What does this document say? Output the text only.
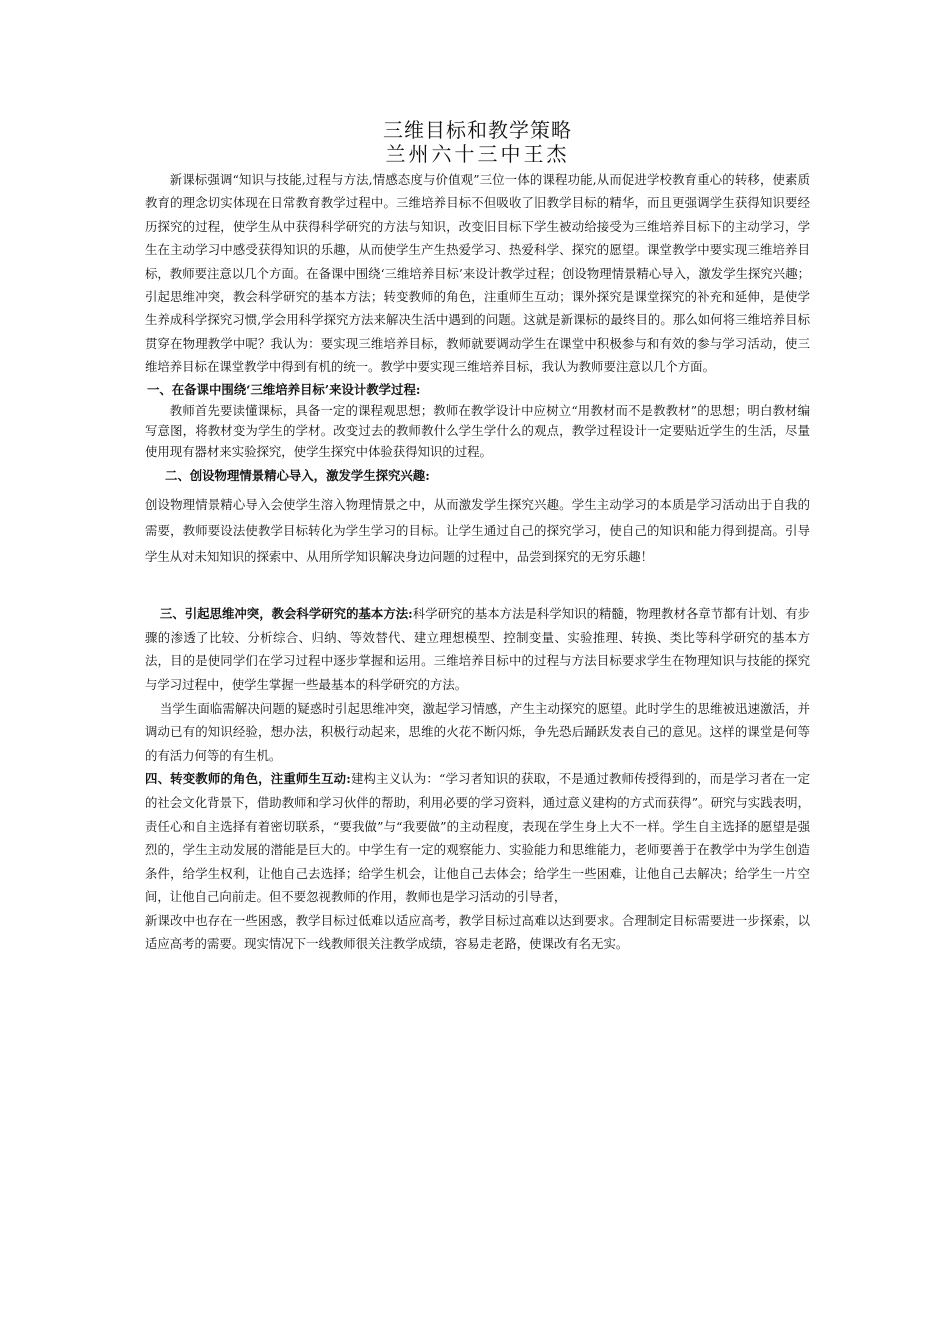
三维目标和教学策略
兰州六十三中王杰

新课标强调“知识与技能,过程与方法,情感态度与价值观”三位一体的课程功能,从而促进学校教育重心的转移，使素质教育的理念切实体现在日常教育教学过程中。三维培养目标不但吸收了旧教学目标的精华，而且更强调学生获得知识要经历探究的过程，使学生从中获得科学研究的方法与知识，改变旧目标下学生被动给接受为三维培养目标下的主动学习，学生在主动学习中感受获得知识的乐趣，从而使学生产生热爱学习、热爱科学、探究的愿望。课堂教学中要实现三维培养目标，教师要注意以几个方面。在备课中围绕‘三维培养目标’来设计教学过程；创设物理情景精心导入，激发学生探究兴趣；引起思维冲突，教会科学研究的基本方法；转变教师的角色，注重师生互动；课外探究是课堂探究的补充和延伸，是使学生养成科学探究习惯,学会用科学探究方法来解决生活中遇到的问题。这就是新课标的最终目的。那么如何将三维培养目标贯穿在物理教学中呢？我认为：要实现三维培养目标，教师就要调动学生在课堂中积极参与和有效的参与学习活动，使三维培养目标在课堂教学中得到有机的统一。教学中要实现三维培养目标，我认为教师要注意以几个方面。

一、在备课中围绕‘三维培养目标’来设计教学过程:

教师首先要读懂课标，具备一定的课程观思想；教师在教学设计中应树立“用教材而不是教教材”的思想；明白教材编写意图，将教材变为学生的学材。改变过去的教师教什么学生学什么的观点，教学过程设计一定要贴近学生的生活，尽量使用现有器材来实验探究，使学生探究中体验获得知识的过程。

二、创设物理情景精心导入，激发学生探究兴趣:

创设物理情景精心导入会使学生溶入物理情景之中，从而激发学生探究兴趣。学生主动学习的本质是学习活动出于自我的需要，教师要设法使教学目标转化为学生学习的目标。让学生通过自己的探究学习，使自己的知识和能力得到提高。引导学生从对未知知识的探索中、从用所学知识解决身边问题的过程中，品尝到探究的无穷乐趣！

三、引起思维冲突，教会科学研究的基本方法:科学研究的基本方法是科学知识的精髓，物理教材各章节都有计划、有步骤的渗透了比较、分析综合、归纳、等效替代、建立理想模型、控制变量、实验推理、转换、类比等科学研究的基本方法，目的是使同学们在学习过程中逐步掌握和运用。三维培养目标中的过程与方法目标要求学生在物理知识与技能的探究与学习过程中，使学生掌握一些最基本的科学研究的方法。

当学生面临需解决问题的疑惑时引起思维冲突，激起学习情感，产生主动探究的愿望。此时学生的思维被迅速激活，并调动已有的知识经验，想办法，积极行动起来，思维的火花不断闪烁，争先恐后踊跃发表自己的意见。这样的课堂是何等的有活力何等的有生机。

四、转变教师的角色，注重师生互动:建构主义认为：“学习者知识的获取，不是通过教师传授得到的，而是学习者在一定的社会文化背景下，借助教师和学习伙伴的帮助，利用必要的学习资料，通过意义建构的方式而获得”。研究与实践表明，责任心和自主选择有着密切联系，“要我做”与“我要做”的主动程度，表现在学生身上大不一样。学生自主选择的愿望是强烈的，学生主动发展的潜能是巨大的。中学生有一定的观察能力、实验能力和思维能力，老师要善于在教学中为学生创造条件，给学生权利，让他自己去选择；给学生机会，让他自己去体会；给学生一些困难，让他自己去解决；给学生一片空间，让他自己向前走。但不要忽视教师的作用，教师也是学习活动的引导者，

新课改中也存在一些困惑，教学目标过低难以适应高考，教学目标过高难以达到要求。合理制定目标需要进一步探索，以适应高考的需要。现实情况下一线教师很关注教学成绩，容易走老路，使课改有名无实。
